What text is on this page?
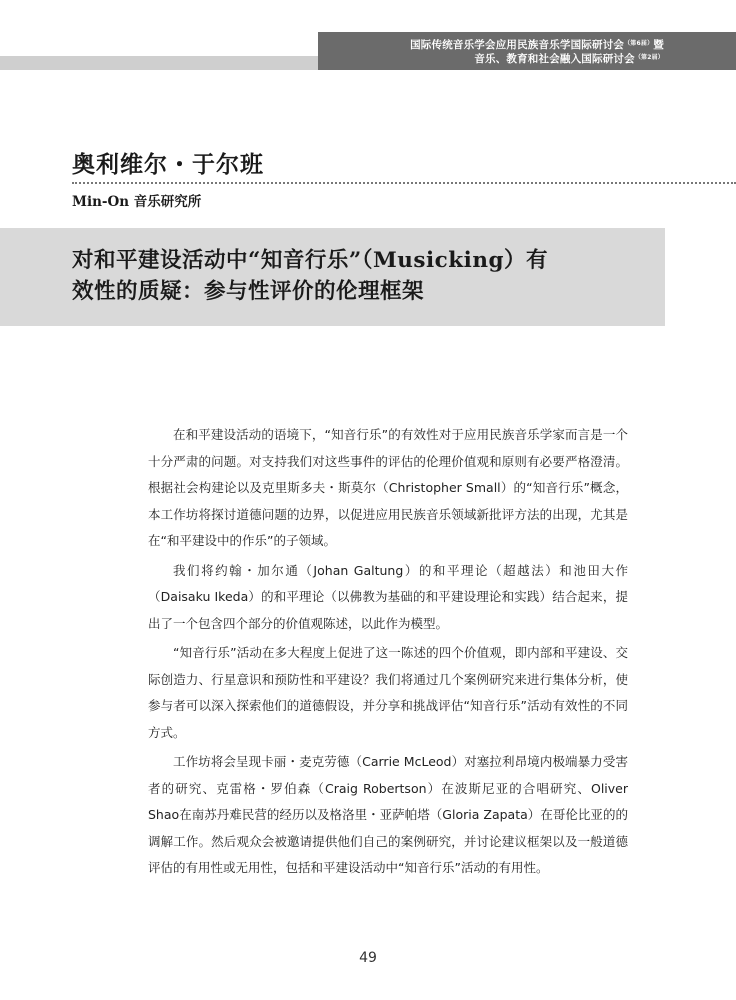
国际传统音乐学会应用民族音乐学国际研讨会$^{(第6届)}$暨
音乐、教育和社会融入国际研讨会$^{(第2届)}$
奥利维尔・于尔班
Min-On 音乐研究所
对和平建设活动中“知音行乐”（Musicking）有
效性的质疑：参与性评价的伦理框架

在和平建设活动的语境下，“知音行乐”的有效性对于应用民族音乐学家而言是一个十分严肃的问题。对支持我们对这些事件的评估的伦理价值观和原则有必要严格澄清。根据社会构建论以及克里斯多夫・斯莫尔（Christopher Small）的“知音行乐”概念，本工作坊将探讨道德问题的边界，以促进应用民族音乐领域新批评方法的出现，尤其是在“和平建设中的作乐”的子领域。

我们将约翰・加尔通（Johan Galtung）的和平理论（超越法）和池田大作（Daisaku Ikeda）的和平理论（以佛教为基础的和平建设理论和实践）结合起来，提出了一个包含四个部分的价值观陈述，以此作为模型。

“知音行乐”活动在多大程度上促进了这一陈述的四个价值观，即内部和平建设、交际创造力、行星意识和预防性和平建设？我们将通过几个案例研究来进行集体分析，使参与者可以深入探索他们的道德假设，并分享和挑战评估“知音行乐”活动有效性的不同方式。

工作坊将会呈现卡丽・麦克劳德（Carrie McLeod）对塞拉利昂境内极端暴力受害者的研究、克雷格・罗伯森（Craig Robertson）在波斯尼亚的合唱研究、Oliver Shao在南苏丹难民营的经历以及格洛里・亚萨帕塔（Gloria Zapata）在哥伦比亚的的调解工作。然后观众会被邀请提供他们自己的案例研究，并讨论建议框架以及一般道德评估的有用性或无用性，包括和平建设活动中“知音行乐”活动的有用性。

49
